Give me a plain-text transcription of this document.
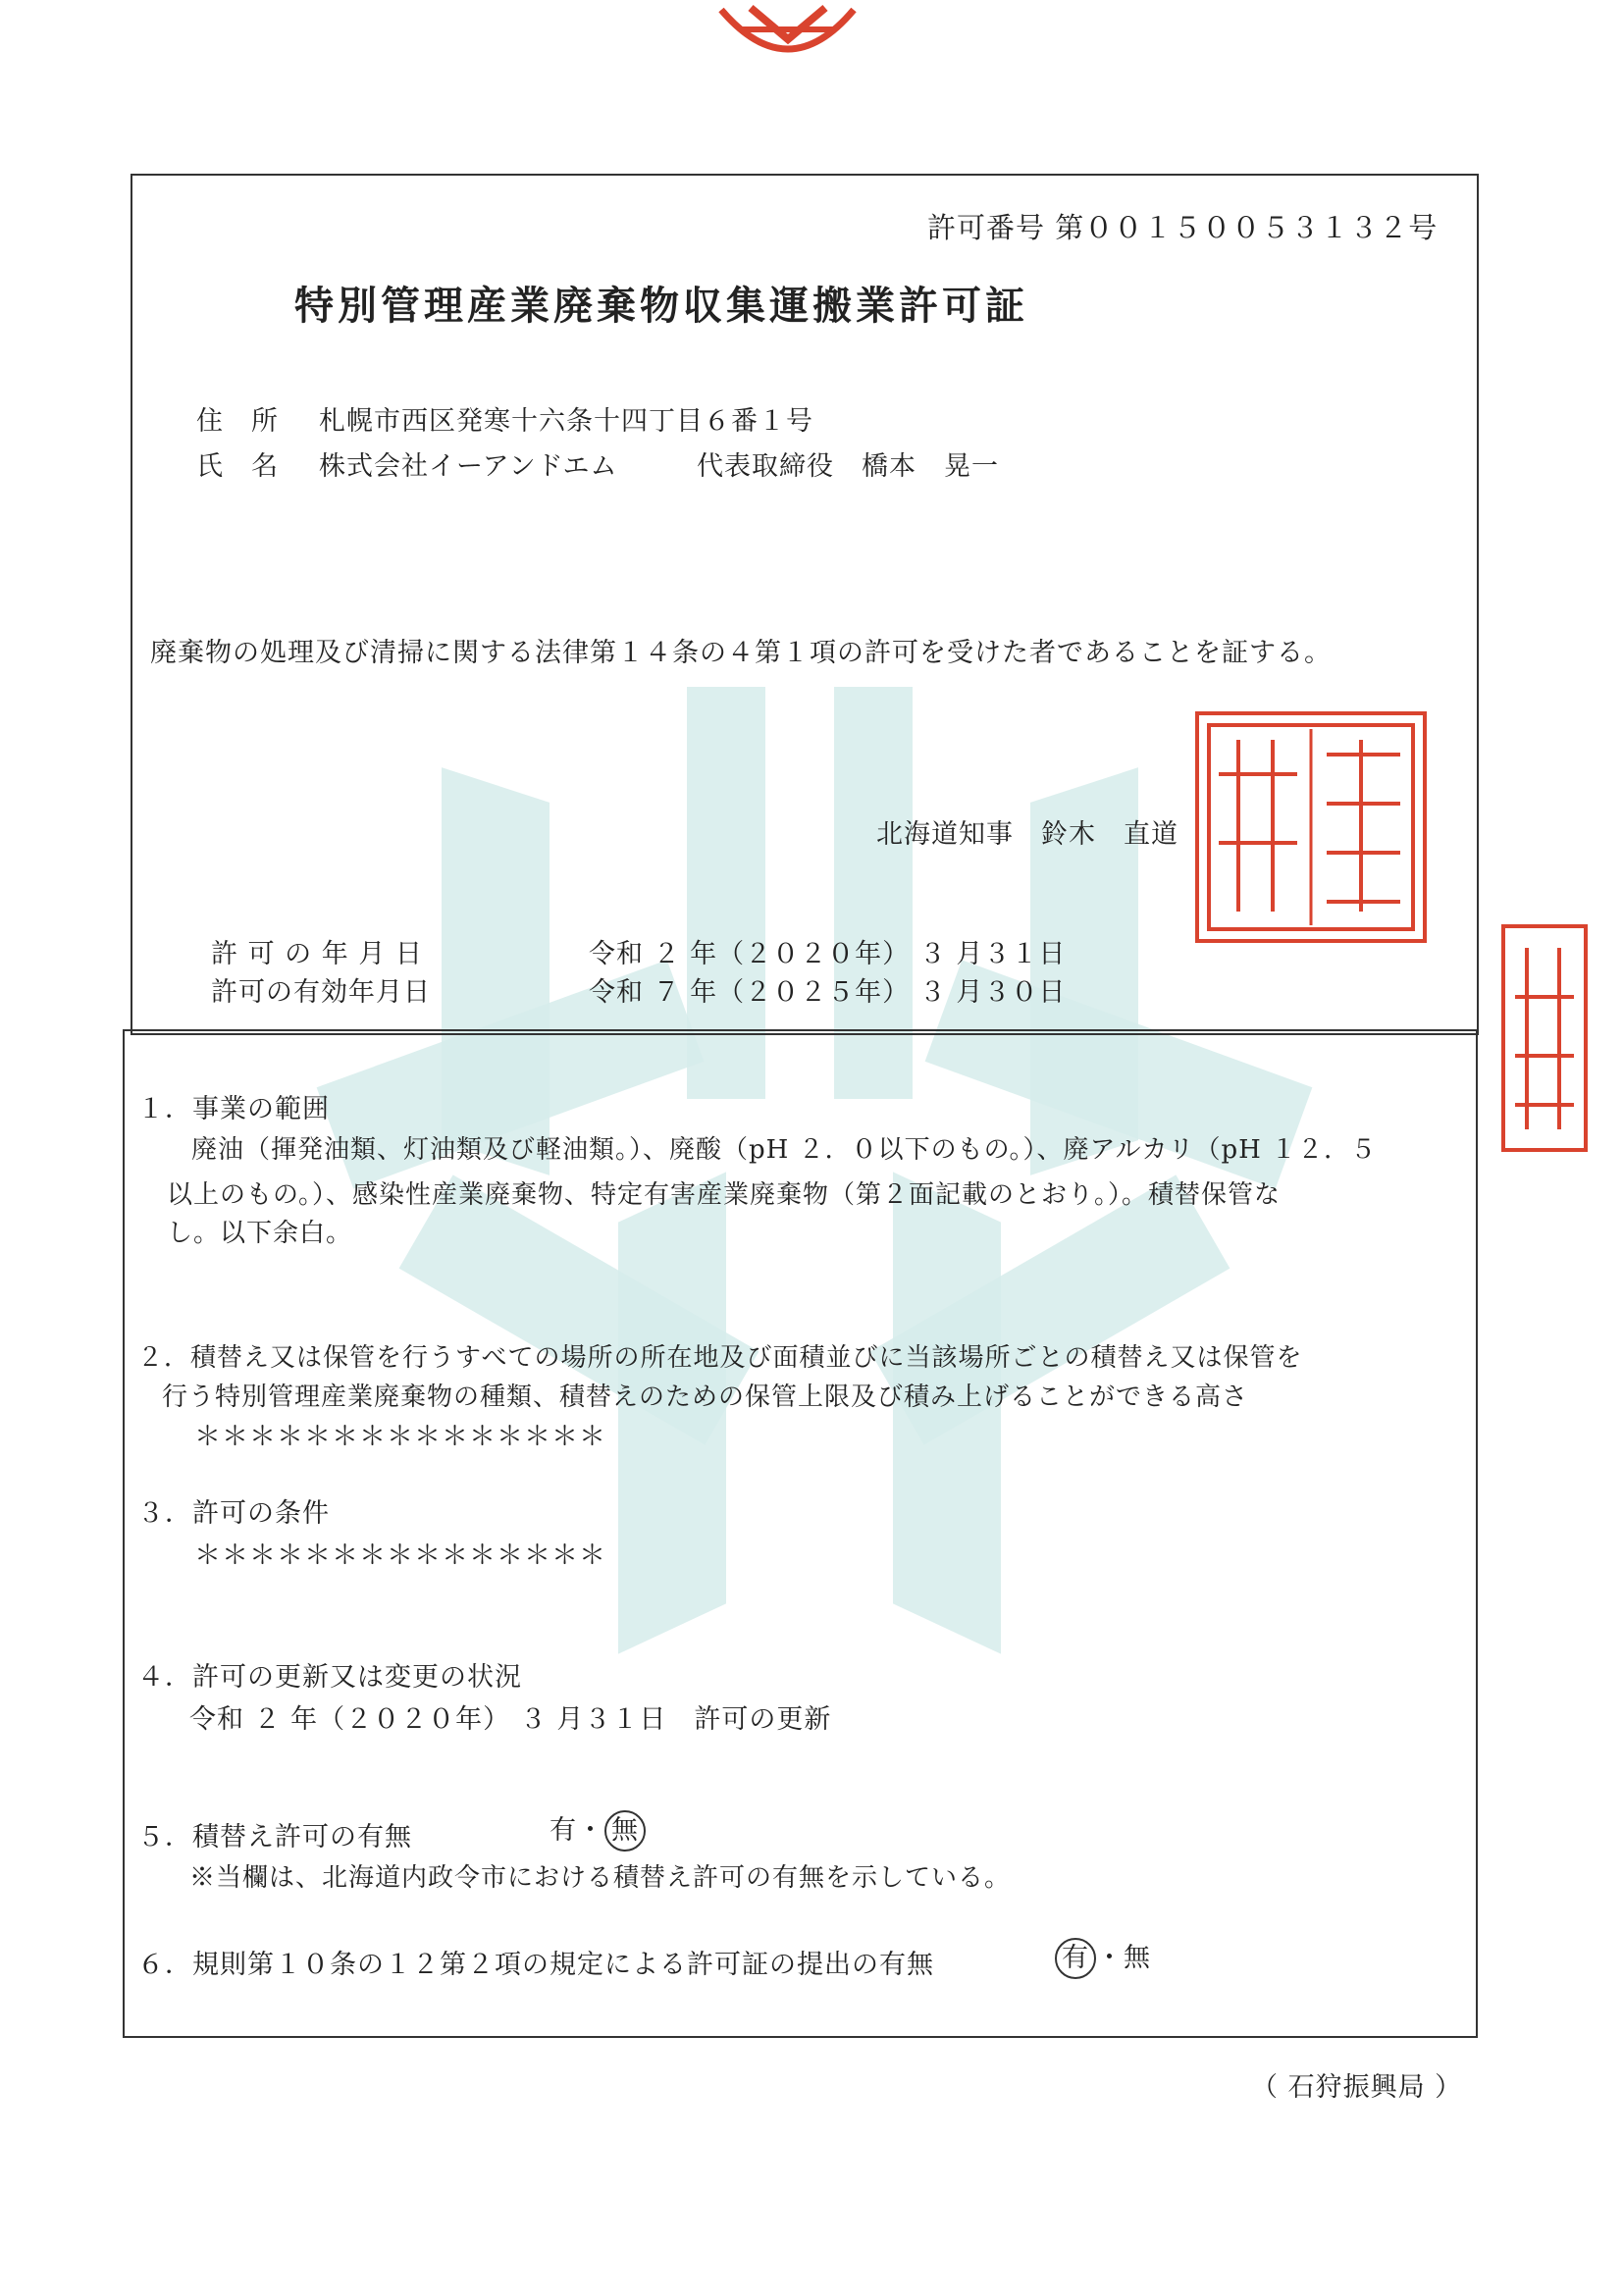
許可番号 第００１５００５３１３２号
特別管理産業廃棄物収集運搬業許可証
住　所 札幌市西区発寒十六条十四丁目６番１号
氏　名 株式会社イーアンドエム	代表取締役　橋本　晃一
廃棄物の処理及び清掃に関する法律第１４条の４第１項の許可を受けた者であることを証する。
北海道知事　鈴木　直道
許 可 の 年 月 日	令和 ２ 年（２０２０年） ３ 月３１日
許可の有効年月日	令和 ７ 年（２０２５年） ３ 月３０日
１．事業の範囲
廃油（揮発油類、灯油類及び軽油類。）、廃酸（pH ２．０以下のもの。）、廃アルカリ（pH １２．５
以上のもの。）、感染性産業廃棄物、特定有害産業廃棄物（第２面記載のとおり。）。積替保管な
し。以下余白。
２．積替え又は保管を行うすべての場所の所在地及び面積並びに当該場所ごとの積替え又は保管を
行う特別管理産業廃棄物の種類、積替えのための保管上限及び積み上げることができる高さ
＊＊＊＊＊＊＊＊＊＊＊＊＊＊＊
３．許可の条件
＊＊＊＊＊＊＊＊＊＊＊＊＊＊＊
４．許可の更新又は変更の状況
令和 ２ 年（２０２０年） ３ 月３１日　許可の更新
５．積替え許可の有無	有・ 無
※当欄は、北海道内政令市における積替え許可の有無を示している。
６．規則第１０条の１２第２項の規定による許可証の提出の有無	有 ・無
（ 石狩振興局 ）
